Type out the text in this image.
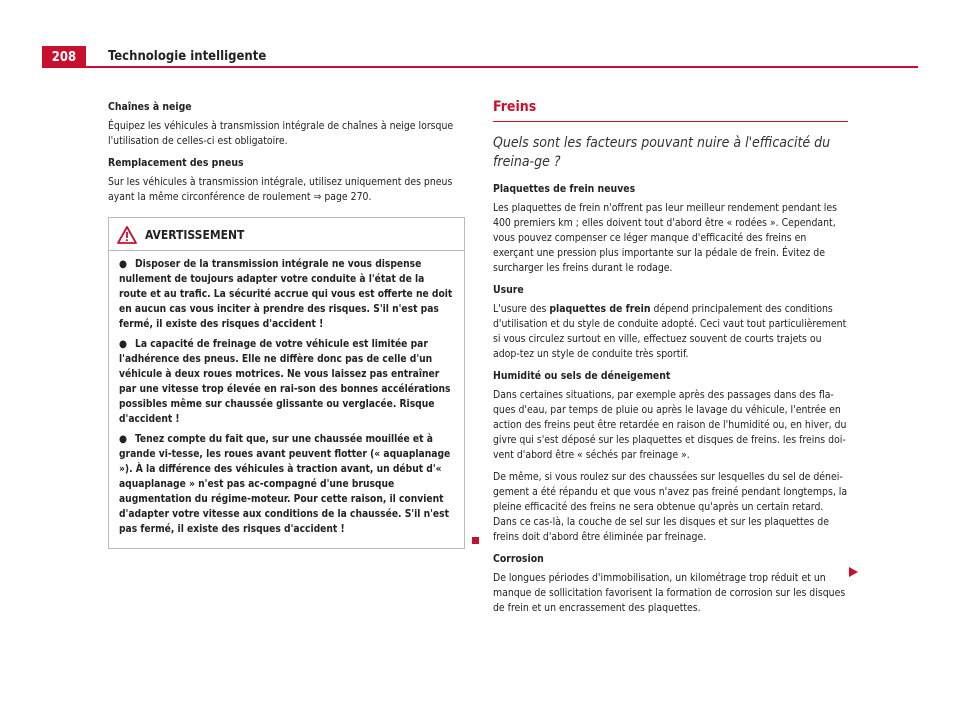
208	Technologie intelligente
Chaînes à neige

Équipez les véhicules à transmission intégrale de chaînes à neige lorsque l'utilisation de celles-ci est obligatoire.

Remplacement des pneus

Sur les véhicules à transmission intégrale, utilisez uniquement des pneus ayant la même circonférence de roulement ⇒ page 270.

AVERTISSEMENT

● Disposer de la transmission intégrale ne vous dispense nullement de toujours adapter votre conduite à l'état de la route et au trafic. La sécurité accrue qui vous est offerte ne doit en aucun cas vous inciter à prendre des risques. S'il n'est pas fermé, il existe des risques d'accident !

● La capacité de freinage de votre véhicule est limitée par l'adhérence des pneus. Elle ne diffère donc pas de celle d'un véhicule à deux roues motrices. Ne vous laissez pas entraîner par une vitesse trop élevée en rai-son des bonnes accélérations possibles même sur chaussée glissante ou verglacée. Risque d'accident !

● Tenez compte du fait que, sur une chaussée mouillée et à grande vi-tesse, les roues avant peuvent flotter (« aquaplanage »). À la différence des véhicules à traction avant, un début d'« aquaplanage » n'est pas ac-compagné d'une brusque augmentation du régime-moteur. Pour cette raison, il convient d'adapter votre vitesse aux conditions de la chaussée. S'il n'est pas fermé, il existe des risques d'accident !

Freins
Quels sont les facteurs pouvant nuire à l'efficacité du freina-ge ?
Plaquettes de frein neuves

Les plaquettes de frein n'offrent pas leur meilleur rendement pendant les 400 premiers km ; elles doivent tout d'abord être « rodées ». Cependant, vous pouvez compenser ce léger manque d'efficacité des freins en exerçant une pression plus importante sur la pédale de frein. Évitez de surcharger les freins durant le rodage.

Usure

L'usure des plaquettes de frein dépend principalement des conditions d'utilisation et du style de conduite adopté. Ceci vaut tout particulièrement si vous circulez surtout en ville, effectuez souvent de courts trajets ou adop-tez un style de conduite très sportif.

Humidité ou sels de déneigement

Dans certaines situations, par exemple après des passages dans des fla-ques d'eau, par temps de pluie ou après le lavage du véhicule, l'entrée en action des freins peut être retardée en raison de l'humidité ou, en hiver, du givre qui s'est déposé sur les plaquettes et disques de freins. les freins doi-vent d'abord être « séchés par freinage ».

De même, si vous roulez sur des chaussées sur lesquelles du sel de dénei-gement a été répandu et que vous n'avez pas freiné pendant longtemps, la pleine efficacité des freins ne sera obtenue qu'après un certain retard. Dans ce cas-là, la couche de sel sur les disques et sur les plaquettes de freins doit d'abord être éliminée par freinage.

Corrosion

De longues périodes d'immobilisation, un kilométrage trop réduit et un manque de sollicitation favorisent la formation de corrosion sur les disques de frein et un encrassement des plaquettes.
